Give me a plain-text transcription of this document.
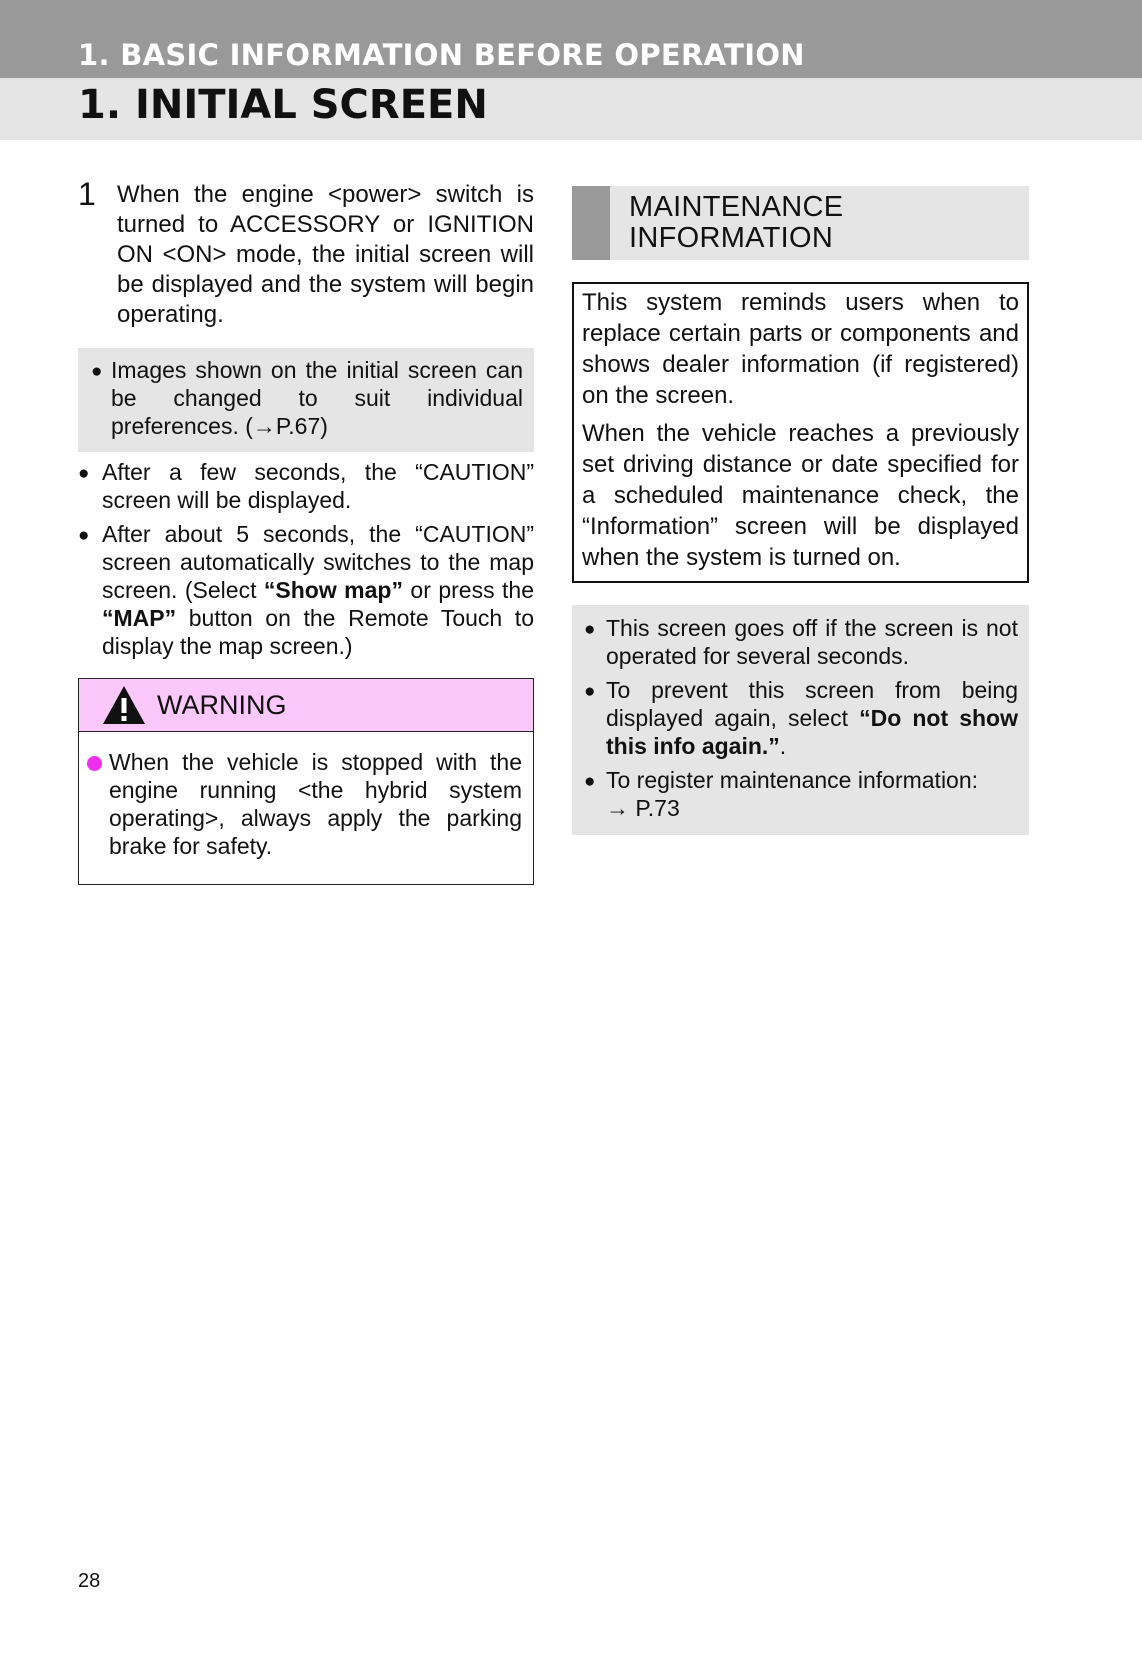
1. BASIC INFORMATION BEFORE OPERATION
1. INITIAL SCREEN
1 When the engine <power> switch is turned to ACCESSORY or IGNITION ON <ON> mode, the initial screen will be displayed and the system will begin operating.
● Images shown on the initial screen can be changed to suit individual preferences. (→P.67)
● After a few seconds, the “CAUTION” screen will be displayed.
● After about 5 seconds, the “CAUTION” screen automatically switches to the map screen. (Select “Show map” or press the “MAP” button on the Remote Touch to display the map screen.)
WARNING
When the vehicle is stopped with the engine running <the hybrid system operating>, always apply the parking brake for safety.
MAINTENANCE
INFORMATION

This system reminds users when to replace certain parts or components and shows dealer information (if registered) on the screen.

When the vehicle reaches a previously set driving distance or date specified for a scheduled maintenance check, the “Information” screen will be displayed when the system is turned on.

● This screen goes off if the screen is not operated for several seconds.
● To prevent this screen from being displayed again, select “Do not show this info again.”.
● To register maintenance information:
→ P.73
28
